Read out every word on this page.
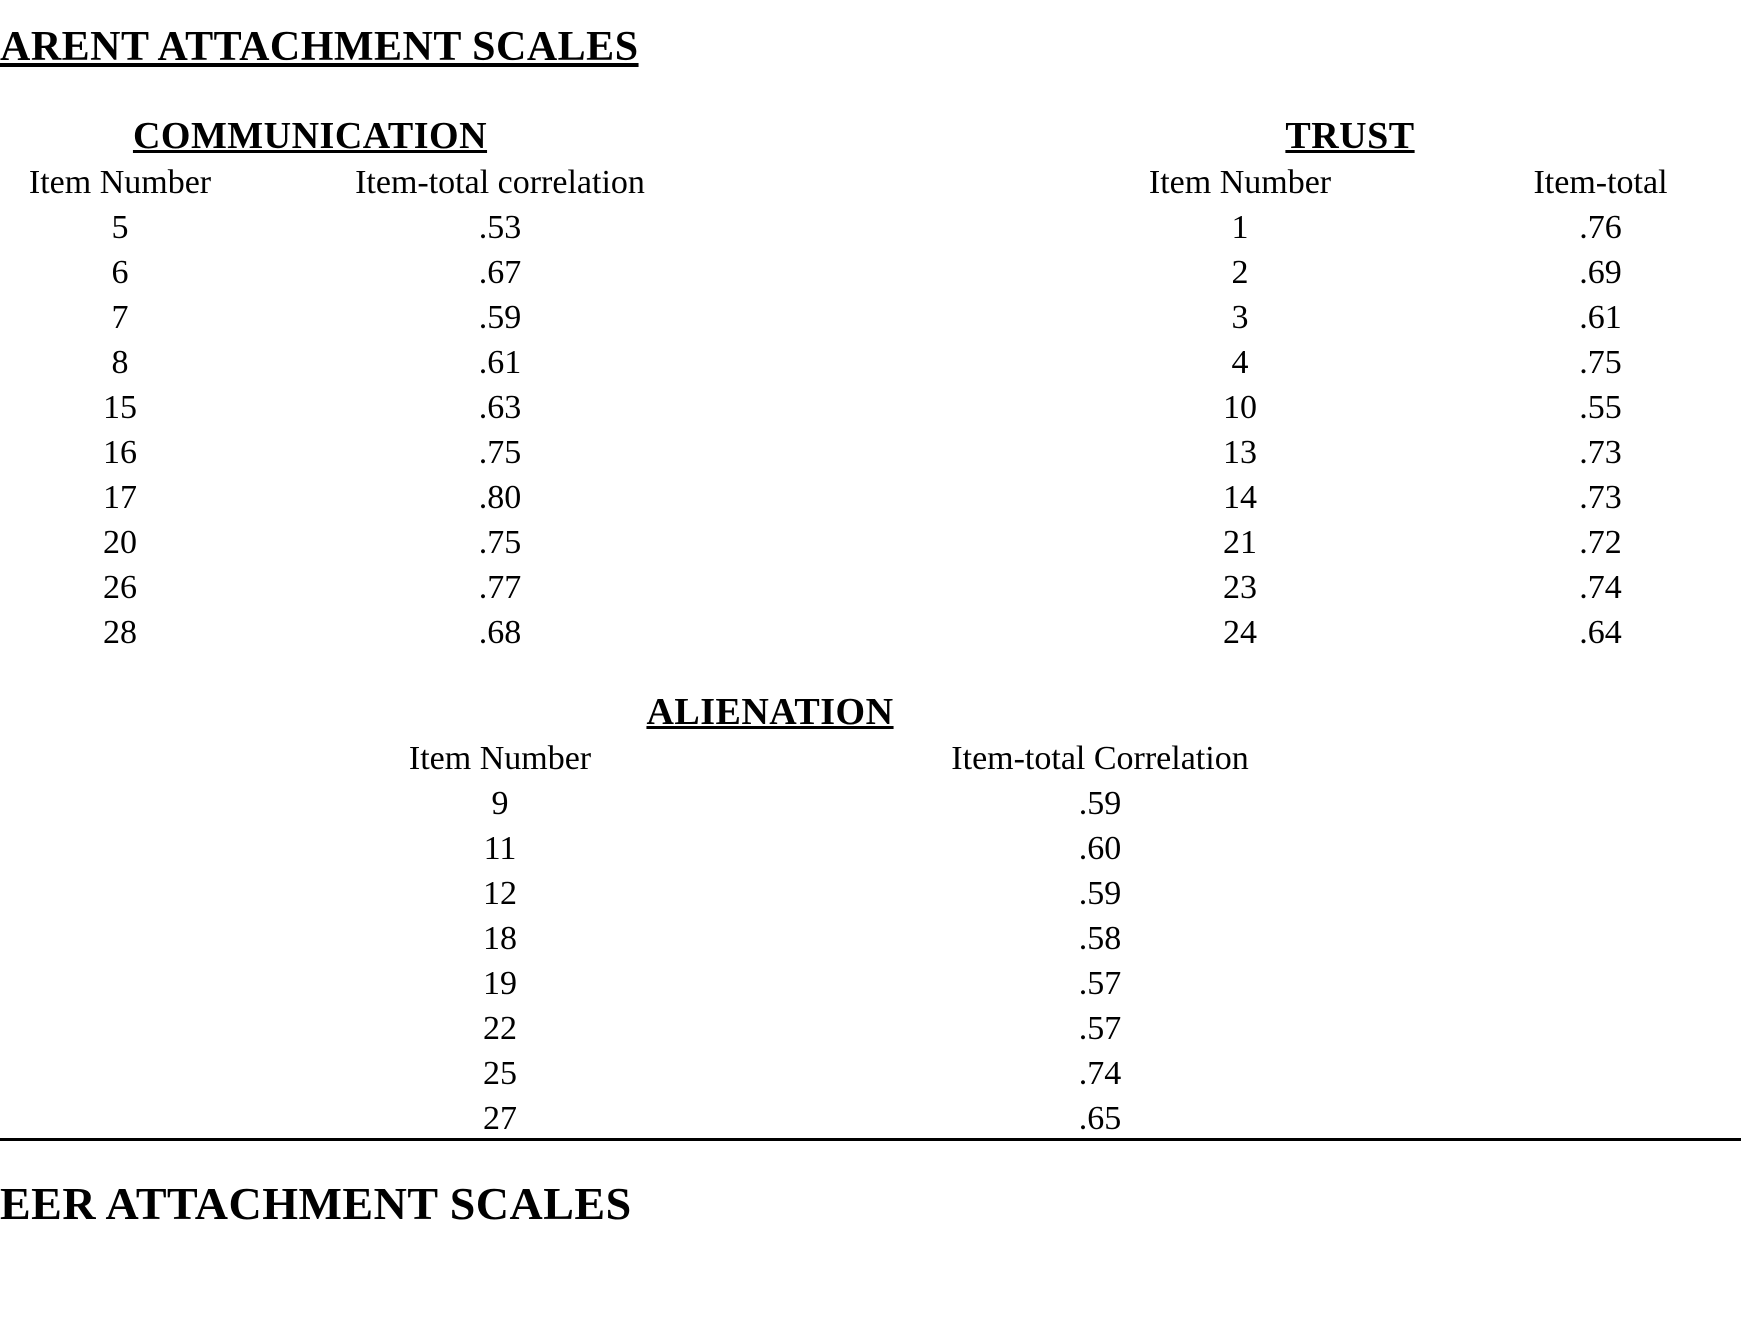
ARENT ATTACHMENT SCALES
COMMUNICATION
Item Number	Item-total correlation
5	.53
6	.67
7	.59
8	.61
15	.63
16	.75
17	.80
20	.75
26	.77
28	.68
TRUST
Item Number	Item-total
1	.76
2	.69
3	.61
4	.75
10	.55
13	.73
14	.73
21	.72
23	.74
24	.64
ALIENATION
Item Number	Item-total Correlation
9	.59
11	.60
12	.59
18	.58
19	.57
22	.57
25	.74
27	.65
EER ATTACHMENT SCALES
